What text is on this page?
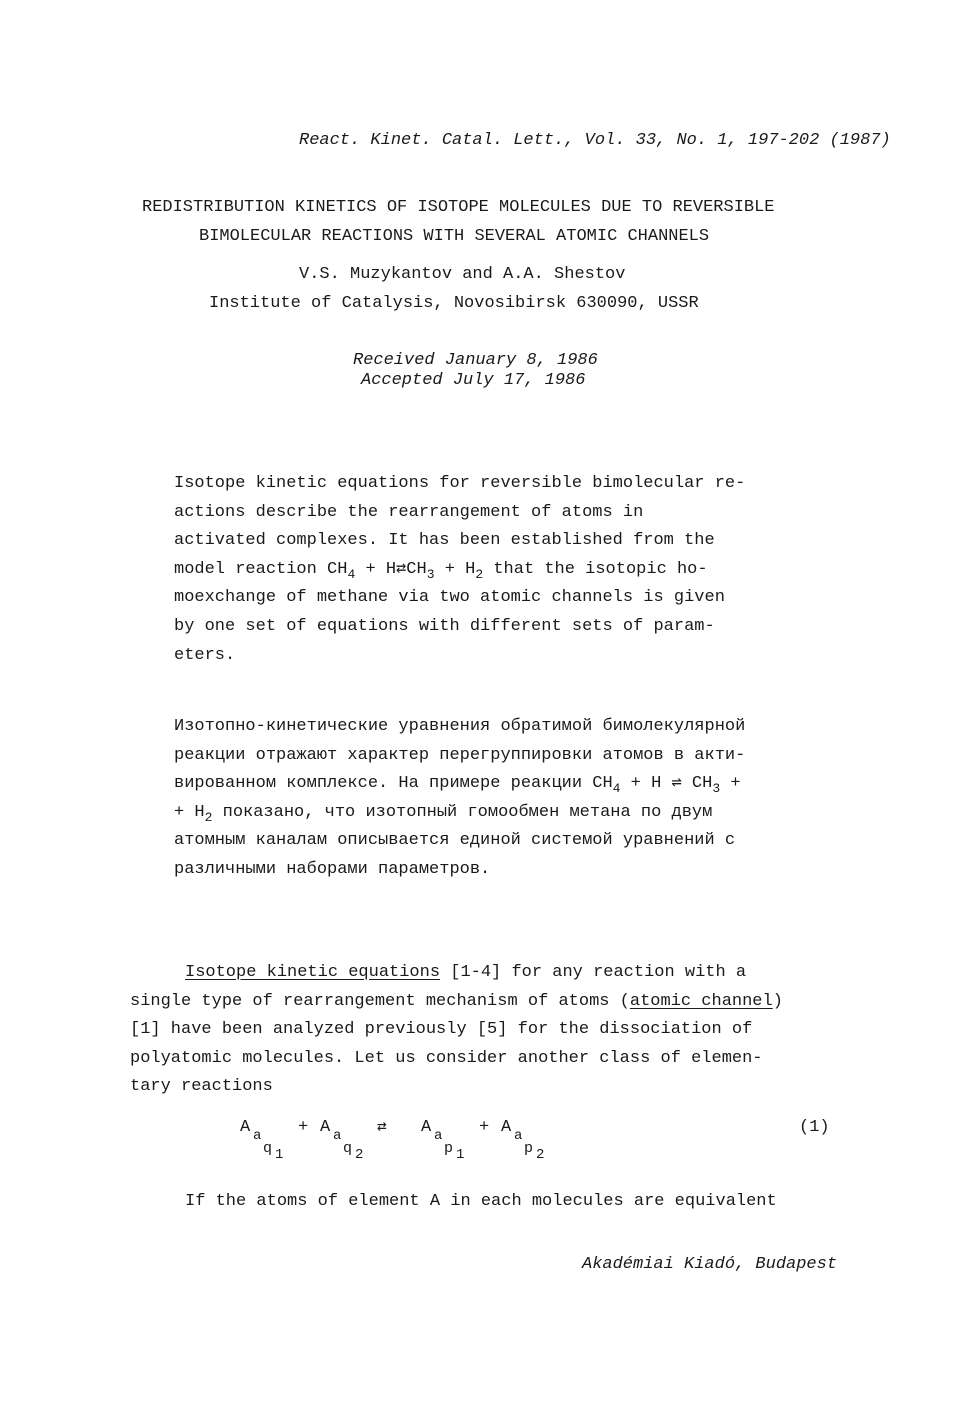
React. Kinet. Catal. Lett., Vol. 33, No. 1, 197-202 (1987)
REDISTRIBUTION KINETICS OF ISOTOPE MOLECULES DUE TO REVERSIBLE
BIMOLECULAR REACTIONS WITH SEVERAL ATOMIC CHANNELS
V.S. Muzykantov and A.A. Shestov
Institute of Catalysis, Novosibirsk 630090, USSR
Received January 8, 1986
Accepted July 17, 1986
Isotope kinetic equations for reversible bimolecular re-
actions describe the rearrangement of atoms in
activated complexes. It has been established from the
model reaction $CH_4$ + $H⇄CH_3 + H_2$ that the isotopic ho-
moexchange of methane via two atomic channels is given
by one set of equations with different sets of param-
eters.
Изотопно-кинетические уравнения обратимой бимолекулярной
реакции отражают характер перегруппировки атомов в акти-
вированном комплексе. На примере реакции $CH_4 + H$ ⇌ $CH_3$ +
+ $H_2$ показано, что изотопный гомообмен метана по двум
атомным каналам описывается единой системой уравнений с
различными наборами параметров.
Isotope kinetic equations [1-4] for any reaction with a
single type of rearrangement mechanism of atoms (atomic channel)
[1] have been analyzed previously [5] for the dissociation of
polyatomic molecules. Let us consider another class of elemen-
tary reactions
A a
q 1
+ A a
q 2
⇄ A a
p 1
+ A a
p 2
(1)
If the atoms of element A in each molecules are equivalent
Akadémiai Kiadó, Budapest
